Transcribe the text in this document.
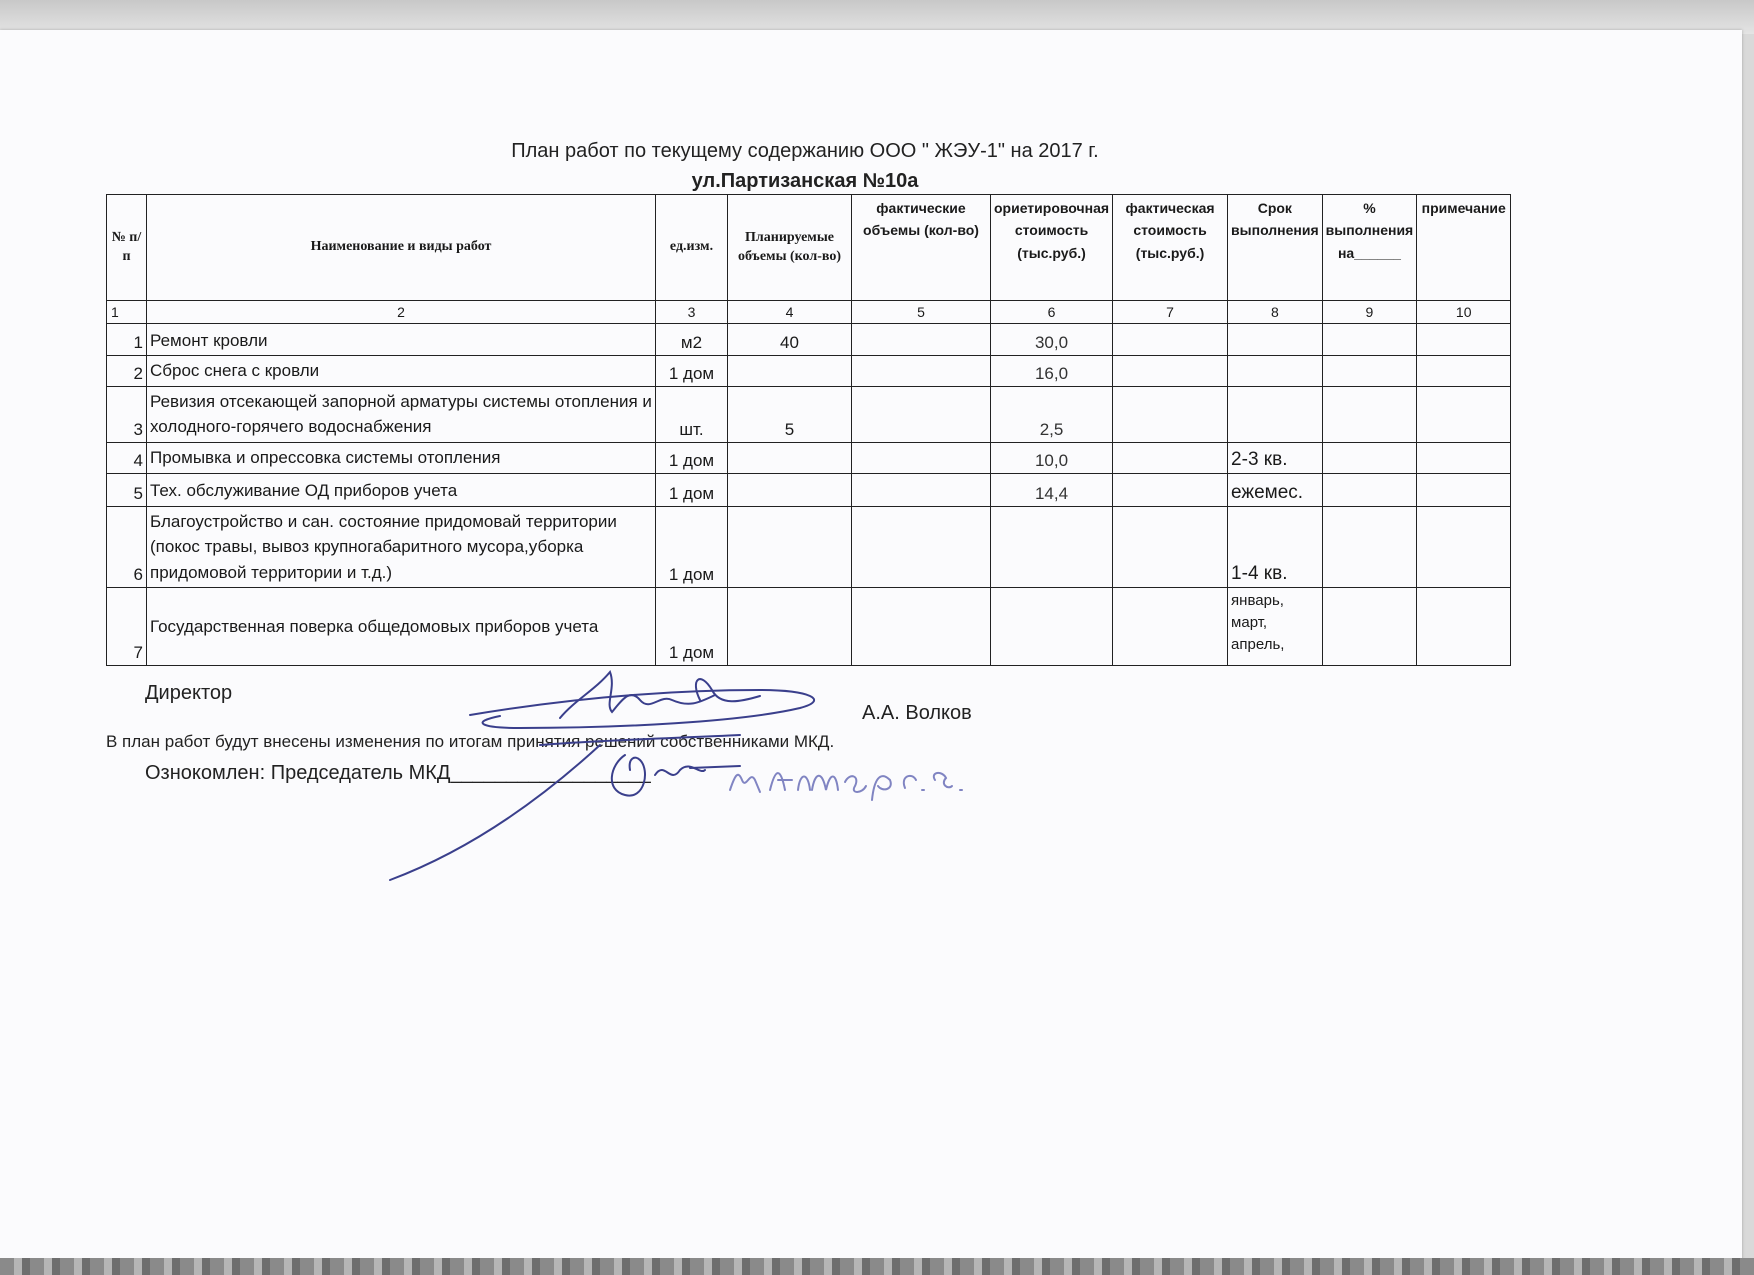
План работ по текущему содержанию ООО " ЖЭУ-1" на 2017 г.
ул.Партизанская №10а
№ п/п	Наименование и виды работ	ед.изм.	Планируемые объемы (кол-во)	фактические объемы (кол-во)	ориетировочная стоимость (тыс.руб.)	фактическая стоимость (тыс.руб.)	Срок выполнения	% выполнения на______	примечание
1	2	3	4	5	6	7	8	9	10
1	Ремонт кровли	м2	40		30,0				
2	Сброс снега с кровли	1 дом			16,0				
3	Ревизия отсекающей запорной арматуры системы отопления и холодного-горячего водоснабжения	шт.	5		2,5				
4	Промывка и опрессовка системы отопления	1 дом			10,0		2-3 кв.		
5	Тех. обслуживание ОД приборов учета	1 дом			14,4		ежемес.		
6	Благоустройство и сан. состояние придомовай территории (покос травы, вывоз крупногабаритного мусора,уборка придомовой территории и т.д.)	1 дом					1-4 кв.		
7	Государственная поверка общедомовых приборов учета	1 дом					январь, март, апрель,		
Директор
А.А. Волков
В план работ будут внесены изменения по итогам принятия решений собственниками МКД.
Ознокомлен: Председатель МКД__________________
